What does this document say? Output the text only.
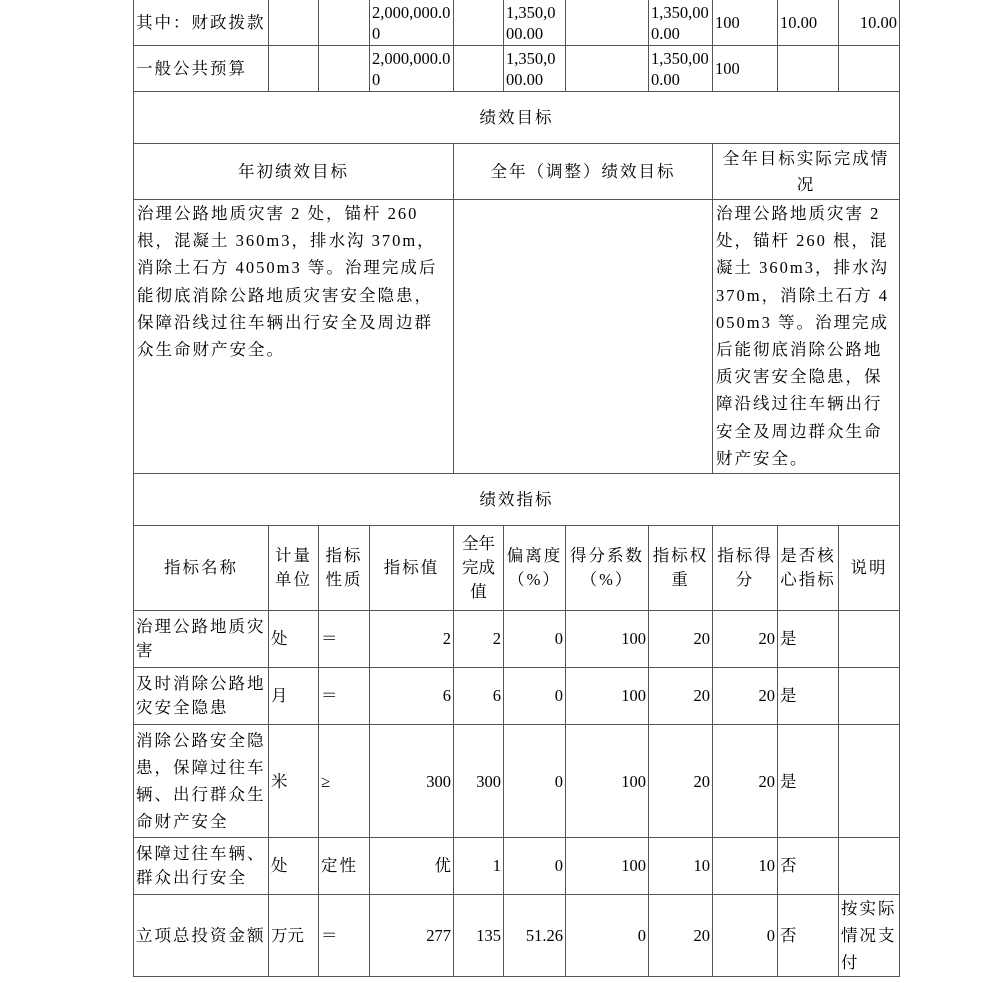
其中：财政拨款			2,000,000.00		1,350,000.00		1,350,000.00	100	10.00	10.00
一般公共预算			2,000,000.00		1,350,000.00		1,350,000.00	100		
绩效目标										
年初绩效目标				全年（调整）绩效目标				全年目标实际完成情况		
治理公路地质灾害 2 处，锚杆 260 根，混凝土 360m3，排水沟 370m，消除土石方 4050m3 等。治理完成后能彻底消除公路地质灾害安全隐患，保障沿线过往车辆出行安全及周边群众生命财产安全。								治理公路地质灾害 2 处，锚杆 260 根，混凝土 360m3，排水沟 370m，消除土石方 4050m3 等。治理完成后能彻底消除公路地质灾害安全隐患，保障沿线过往车辆出行安全及周边群众生命财产安全。		
绩效指标										
指标名称	计量单位	指标性质	指标值	全年完成值	偏离度（%）	得分系数（%）	指标权重	指标得分	是否核心指标	说明
治理公路地质灾害	处	＝	2	2	0	100	20	20	是	
及时消除公路地灾安全隐患	月	＝	6	6	0	100	20	20	是	
消除公路安全隐患，保障过往车辆、出行群众生命财产安全	米	≥	300	300	0	100	20	20	是	
保障过往车辆、群众出行安全	处	定性	优	1	0	100	10	10	否	
立项总投资金额	万元	＝	277	135	51.26	0	20	0	否	按实际情况支付
